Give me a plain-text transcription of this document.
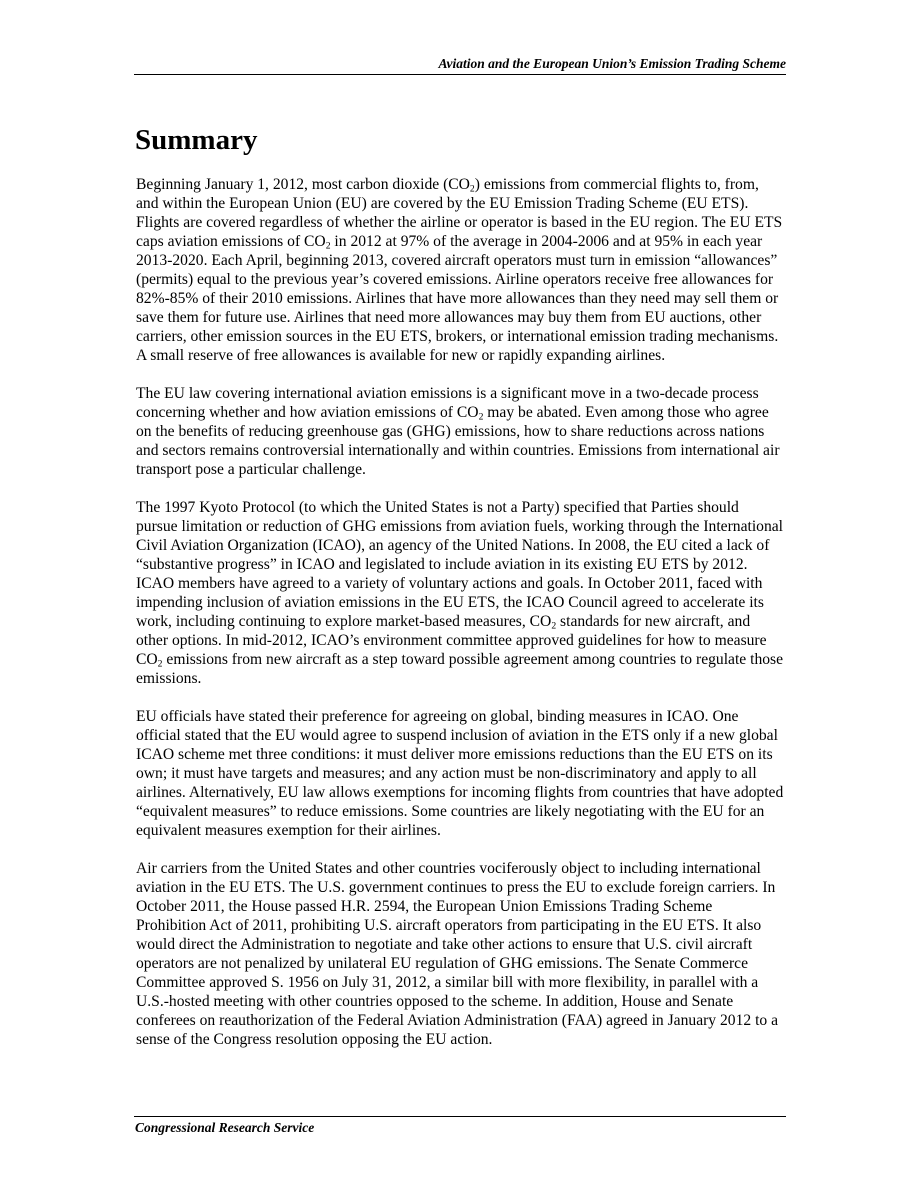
Aviation and the European Union’s Emission Trading Scheme
Summary

Beginning January 1, 2012, most carbon dioxide $(CO_2)$ emissions from commercial flights to, from, and within the European Union (EU) are covered by the EU Emission Trading Scheme (EU ETS). Flights are covered regardless of whether the airline or operator is based in the EU region. The EU ETS caps aviation emissions of $CO_2$ in 2012 at 97% of the average in 2004-2006 and at 95% in each year 2013-2020. Each April, beginning 2013, covered aircraft operators must turn in emission “allowances” (permits) equal to the previous year’s covered emissions. Airline operators receive free allowances for 82%-85% of their 2010 emissions. Airlines that have more allowances than they need may sell them or save them for future use. Airlines that need more allowances may buy them from EU auctions, other carriers, other emission sources in the EU ETS, brokers, or international emission trading mechanisms. A small reserve of free allowances is available for new or rapidly expanding airlines.

The EU law covering international aviation emissions is a significant move in a two-decade process concerning whether and how aviation emissions of $CO_2$ may be abated. Even among those who agree on the benefits of reducing greenhouse gas (GHG) emissions, how to share reductions across nations and sectors remains controversial internationally and within countries. Emissions from international air transport pose a particular challenge.

The 1997 Kyoto Protocol (to which the United States is not a Party) specified that Parties should pursue limitation or reduction of GHG emissions from aviation fuels, working through the International Civil Aviation Organization (ICAO), an agency of the United Nations. In 2008, the EU cited a lack of “substantive progress” in ICAO and legislated to include aviation in its existing EU ETS by 2012. ICAO members have agreed to a variety of voluntary actions and goals. In October 2011, faced with impending inclusion of aviation emissions in the EU ETS, the ICAO Council agreed to accelerate its work, including continuing to explore market-based measures, $CO_2$ standards for new aircraft, and other options. In mid-2012, ICAO’s environment committee approved guidelines for how to measure $CO_2$ emissions from new aircraft as a step toward possible agreement among countries to regulate those emissions.

EU officials have stated their preference for agreeing on global, binding measures in ICAO. One official stated that the EU would agree to suspend inclusion of aviation in the ETS only if a new global ICAO scheme met three conditions: it must deliver more emissions reductions than the EU ETS on its own; it must have targets and measures; and any action must be non-discriminatory and apply to all airlines. Alternatively, EU law allows exemptions for incoming flights from countries that have adopted “equivalent measures” to reduce emissions. Some countries are likely negotiating with the EU for an equivalent measures exemption for their airlines.

Air carriers from the United States and other countries vociferously object to including international aviation in the EU ETS. The U.S. government continues to press the EU to exclude foreign carriers. In October 2011, the House passed H.R. 2594, the European Union Emissions Trading Scheme Prohibition Act of 2011, prohibiting U.S. aircraft operators from participating in the EU ETS. It also would direct the Administration to negotiate and take other actions to ensure that U.S. civil aircraft operators are not penalized by unilateral EU regulation of GHG emissions. The Senate Commerce Committee approved S. 1956 on July 31, 2012, a similar bill with more flexibility, in parallel with a U.S.-hosted meeting with other countries opposed to the scheme. In addition, House and Senate conferees on reauthorization of the Federal Aviation Administration (FAA) agreed in January 2012 to a sense of the Congress resolution opposing the EU action.

Congressional Research Service
